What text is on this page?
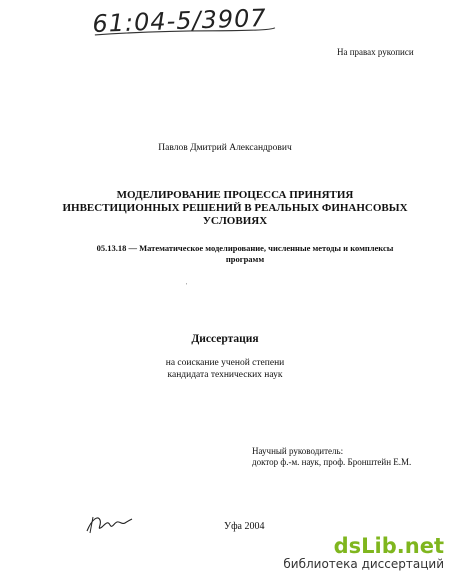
61:04-5/3907
На правах рукописи
Павлов Дмитрий Александрович
МОДЕЛИРОВАНИЕ ПРОЦЕССА ПРИНЯТИЯ
ИНВЕСТИЦИОННЫХ РЕШЕНИЙ В РЕАЛЬНЫХ ФИНАНСОВЫХ
УСЛОВИЯХ
05.13.18 — Математическое моделирование, численные методы и комплексы
программ
'
Диссертация
на соискание ученой степени
кандидата технических наук
Научный руководитель:
доктор ф.-м. наук, проф. Бронштейн Е.М.
Уфа 2004
dsLib.net
библиотека диссертаций
